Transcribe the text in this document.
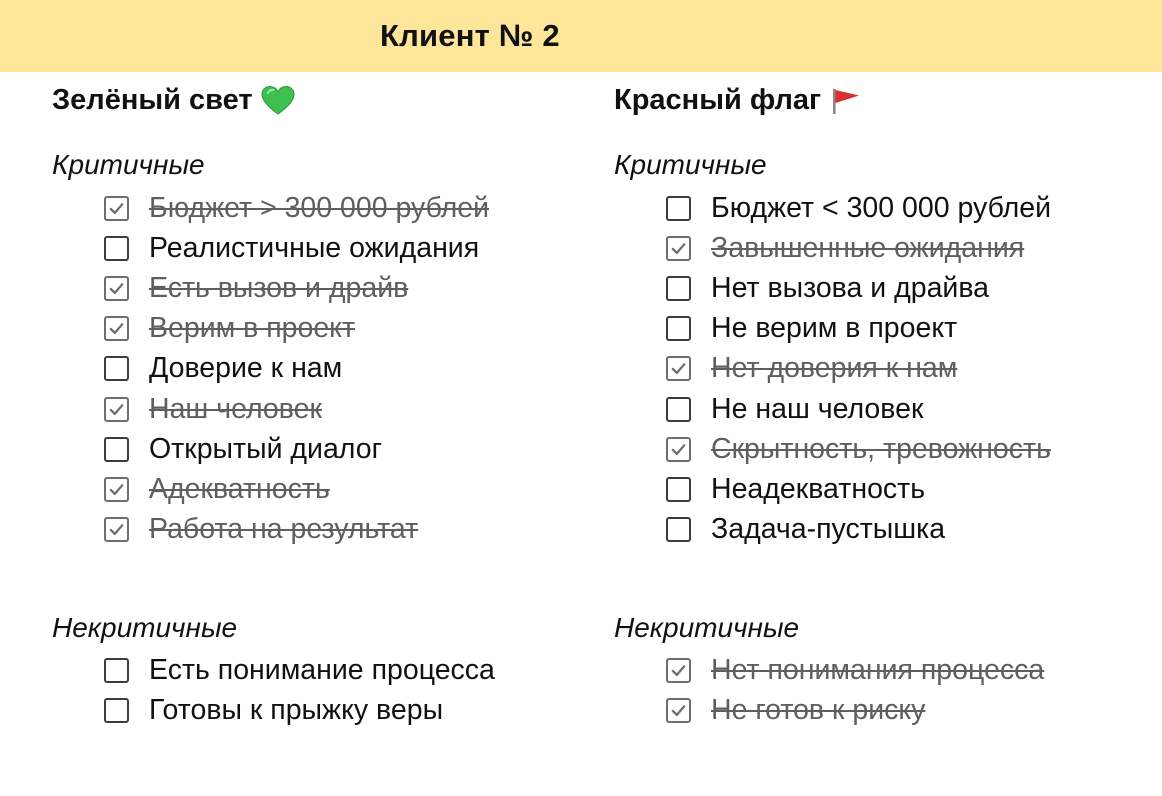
Клиент № 2
Зелёный свет
Критичные
Бюджет > 300 000 рублей
Реалистичные ожидания
Есть вызов и драйв
Верим в проект
Доверие к нам
Наш человек
Открытый диалог
Адекватность
Работа на результат
Некритичные
Есть понимание процесса
Готовы к прыжку веры
Красный флаг
Критичные
Бюджет < 300 000 рублей
Завышенные ожидания
Нет вызова и драйва
Не верим в проект
Нет доверия к нам
Не наш человек
Скрытность, тревожность
Неадекватность
Задача-пустышка
Некритичные
Нет понимания процесса
Не готов к риску
